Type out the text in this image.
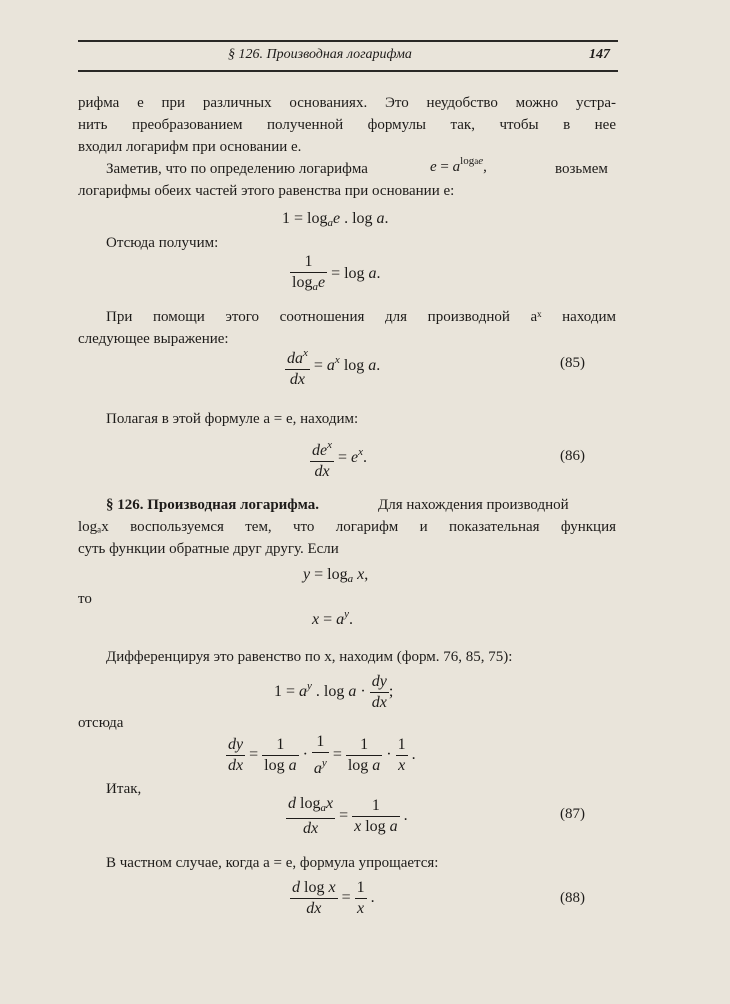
§ 126. Производная логарифма	147
рифма e при различных основаниях. Это неудобство можно устра-
нить преобразованием полученной формулы так, чтобы в нее
входил логарифм при основании e.
Заметив, что по определению логарифма	$e = a^{logae}$,	возьмем
логарифмы обеих частей этого равенства при основании e:
$1 = \log_ae$ . log a.
Отсюда получим:
$\frac{1}{\log_ae} = \log a$.
При помощи этого соотношения для производной aˣ находим
следующее выражение:
$\frac{da^x}{dx} = a^x$ log a.	(85)
Полагая в этой формуле a = e, находим:
$\frac{de^x}{dx} = e^x$.	(86)
§ 126. Производная логарифма.	Для нахождения производной
logₐx воспользуемся тем, что логарифм и показательная функция
суть функции обратные друг другу. Если
$y = \log_a x$,
то
$x = a^y$.
Дифференцируя это равенство по x, находим (форм. 76, 85, 75):
$1 = a^y$ . $\log a \cdot \frac{dy}{dx}$ ;
отсюда
$\frac{dy}{dx} = \frac{1}{\text{log a}} \cdot \frac{1}{a^y} = \frac{1}{\text{log a}} \cdot \frac{1}{x}$ .
Итак,
$\frac{d \log_ax}{dx} = \frac{1}{\text{x log a}}$ .	(87)
В частном случае, когда a = e, формула упрощается:
$\frac{\text{d log x}}{dx} = \frac{1}{x}$ .	(88)
